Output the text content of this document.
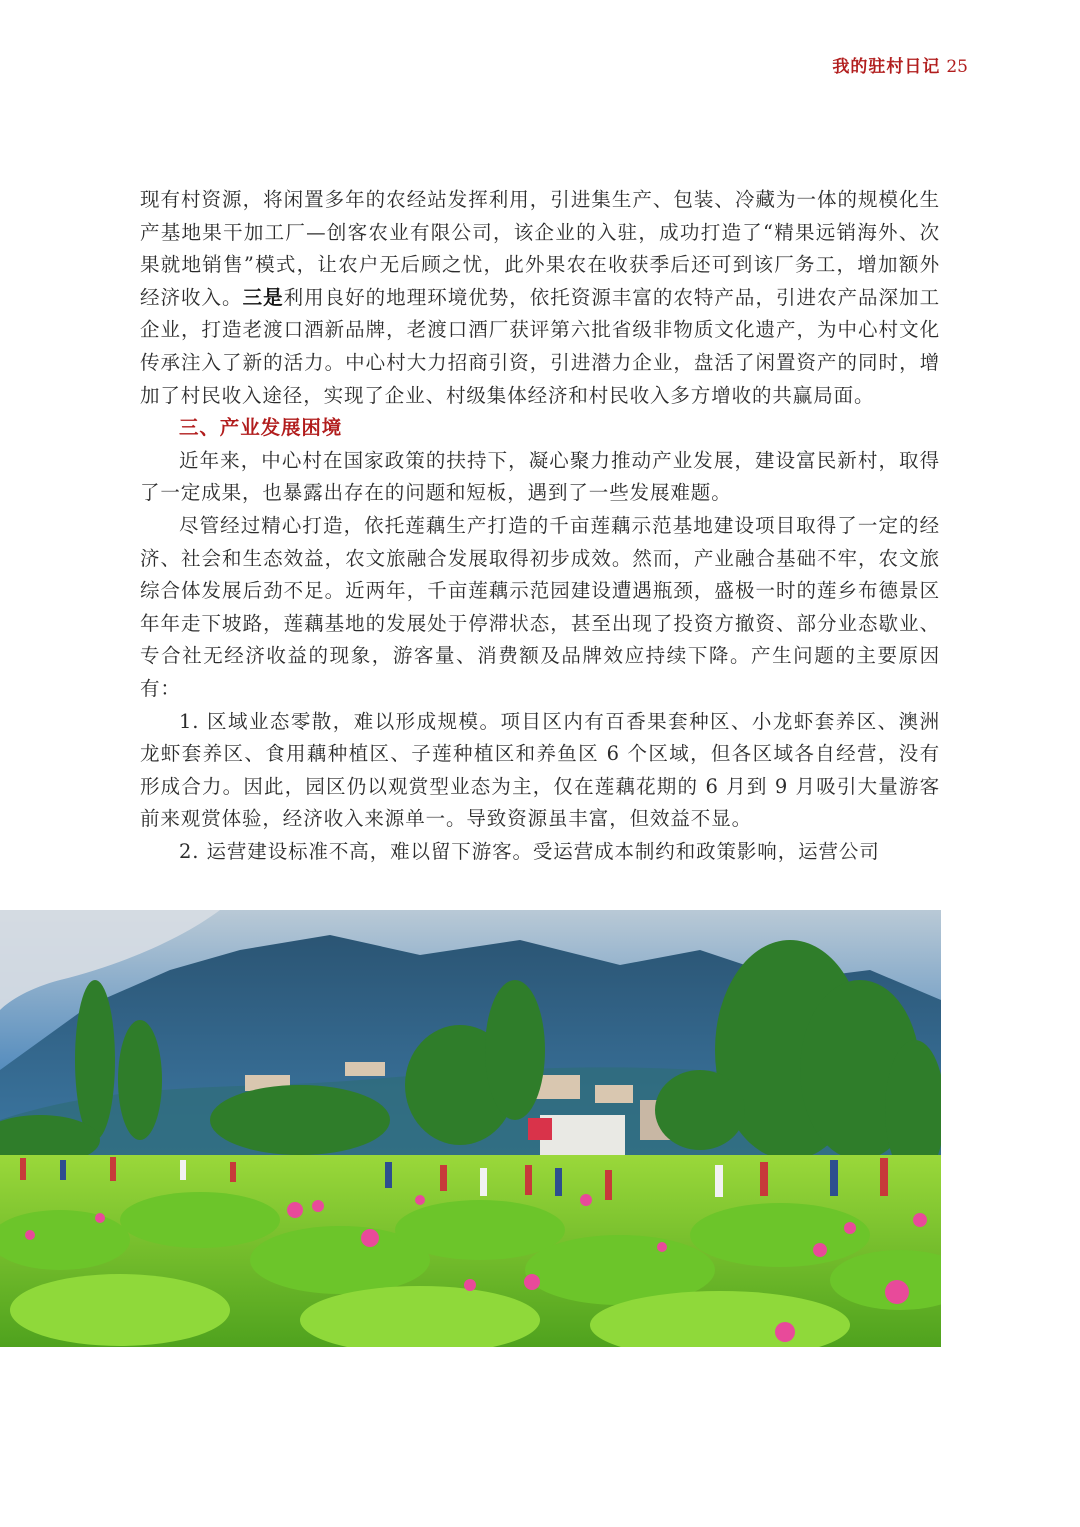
我的驻村日记 25

现有村资源，将闲置多年的农经站发挥利用，引进集生产、包装、冷藏为一体的规模化生产基地果干加工厂—创客农业有限公司，该企业的入驻，成功打造了“精果远销海外、次果就地销售”模式，让农户无后顾之忧，此外果农在收获季后还可到该厂务工，增加额外经济收入。三是利用良好的地理环境优势，依托资源丰富的农特产品，引进农产品深加工企业，打造老渡口酒新品牌，老渡口酒厂获评第六批省级非物质文化遗产，为中心村文化传承注入了新的活力。中心村大力招商引资，引进潜力企业，盘活了闲置资产的同时，增加了村民收入途径，实现了企业、村级集体经济和村民收入多方增收的共赢局面。

三、产业发展困境

近年来，中心村在国家政策的扶持下，凝心聚力推动产业发展，建设富民新村，取得了一定成果，也暴露出存在的问题和短板，遇到了一些发展难题。

尽管经过精心打造，依托莲藕生产打造的千亩莲藕示范基地建设项目取得了一定的经济、社会和生态效益，农文旅融合发展取得初步成效。然而，产业融合基础不牢，农文旅综合体发展后劲不足。近两年，千亩莲藕示范园建设遭遇瓶颈，盛极一时的莲乡布德景区年年走下坡路，莲藕基地的发展处于停滞状态，甚至出现了投资方撤资、部分业态歇业、专合社无经济收益的现象，游客量、消费额及品牌效应持续下降。产生问题的主要原因有：

1. 区域业态零散，难以形成规模。项目区内有百香果套种区、小龙虾套养区、澳洲龙虾套养区、食用藕种植区、子莲种植区和养鱼区 6 个区域，但各区域各自经营，没有形成合力。因此，园区仍以观赏型业态为主，仅在莲藕花期的 6 月到 9 月吸引大量游客前来观赏体验，经济收入来源单一。导致资源虽丰富，但效益不显。

2. 运营建设标准不高，难以留下游客。受运营成本制约和政策影响，运营公司
